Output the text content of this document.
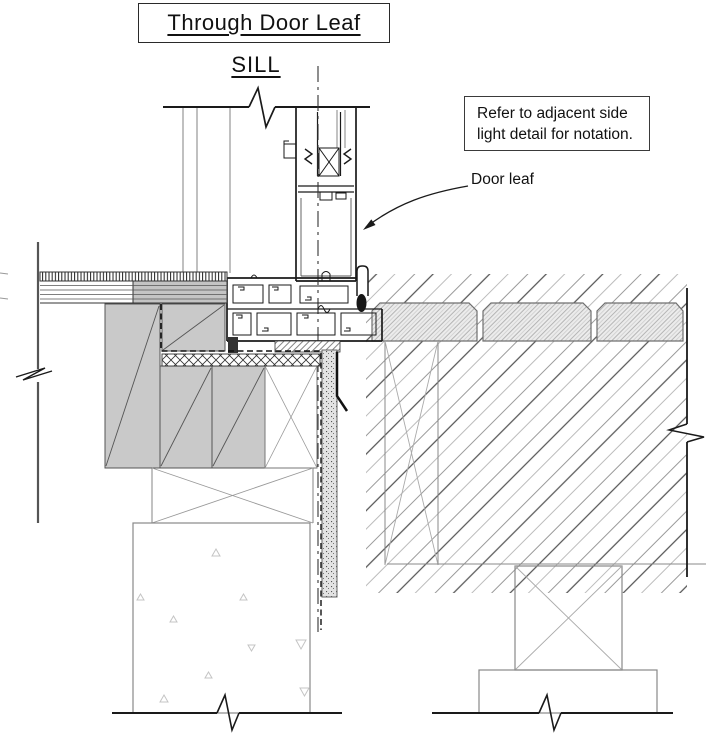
Through Door Leaf
SILL
Refer to adjacent side
light detail for notation.
Door leaf
